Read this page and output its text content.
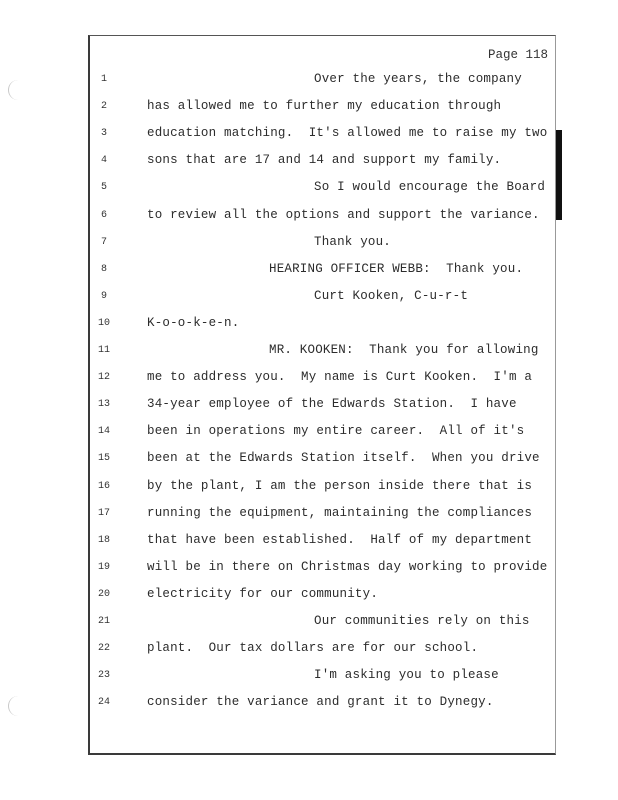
Page 118
1	Over the years, the company
2	has allowed me to further my education through
3	education matching.  It's allowed me to raise my two
4	sons that are 17 and 14 and support my family.
5	So I would encourage the Board
6	to review all the options and support the variance.
7	Thank you.
8	HEARING OFFICER WEBB:  Thank you.
9	Curt Kooken, C-u-r-t
10	K-o-o-k-e-n.
11	MR. KOOKEN:  Thank you for allowing
12	me to address you.  My name is Curt Kooken.  I'm a
13	34-year employee of the Edwards Station.  I have
14	been in operations my entire career.  All of it's
15	been at the Edwards Station itself.  When you drive
16	by the plant, I am the person inside there that is
17	running the equipment, maintaining the compliances
18	that have been established.  Half of my department
19	will be in there on Christmas day working to provide
20	electricity for our community.
21	Our communities rely on this
22	plant.  Our tax dollars are for our school.
23	I'm asking you to please
24	consider the variance and grant it to Dynegy.
